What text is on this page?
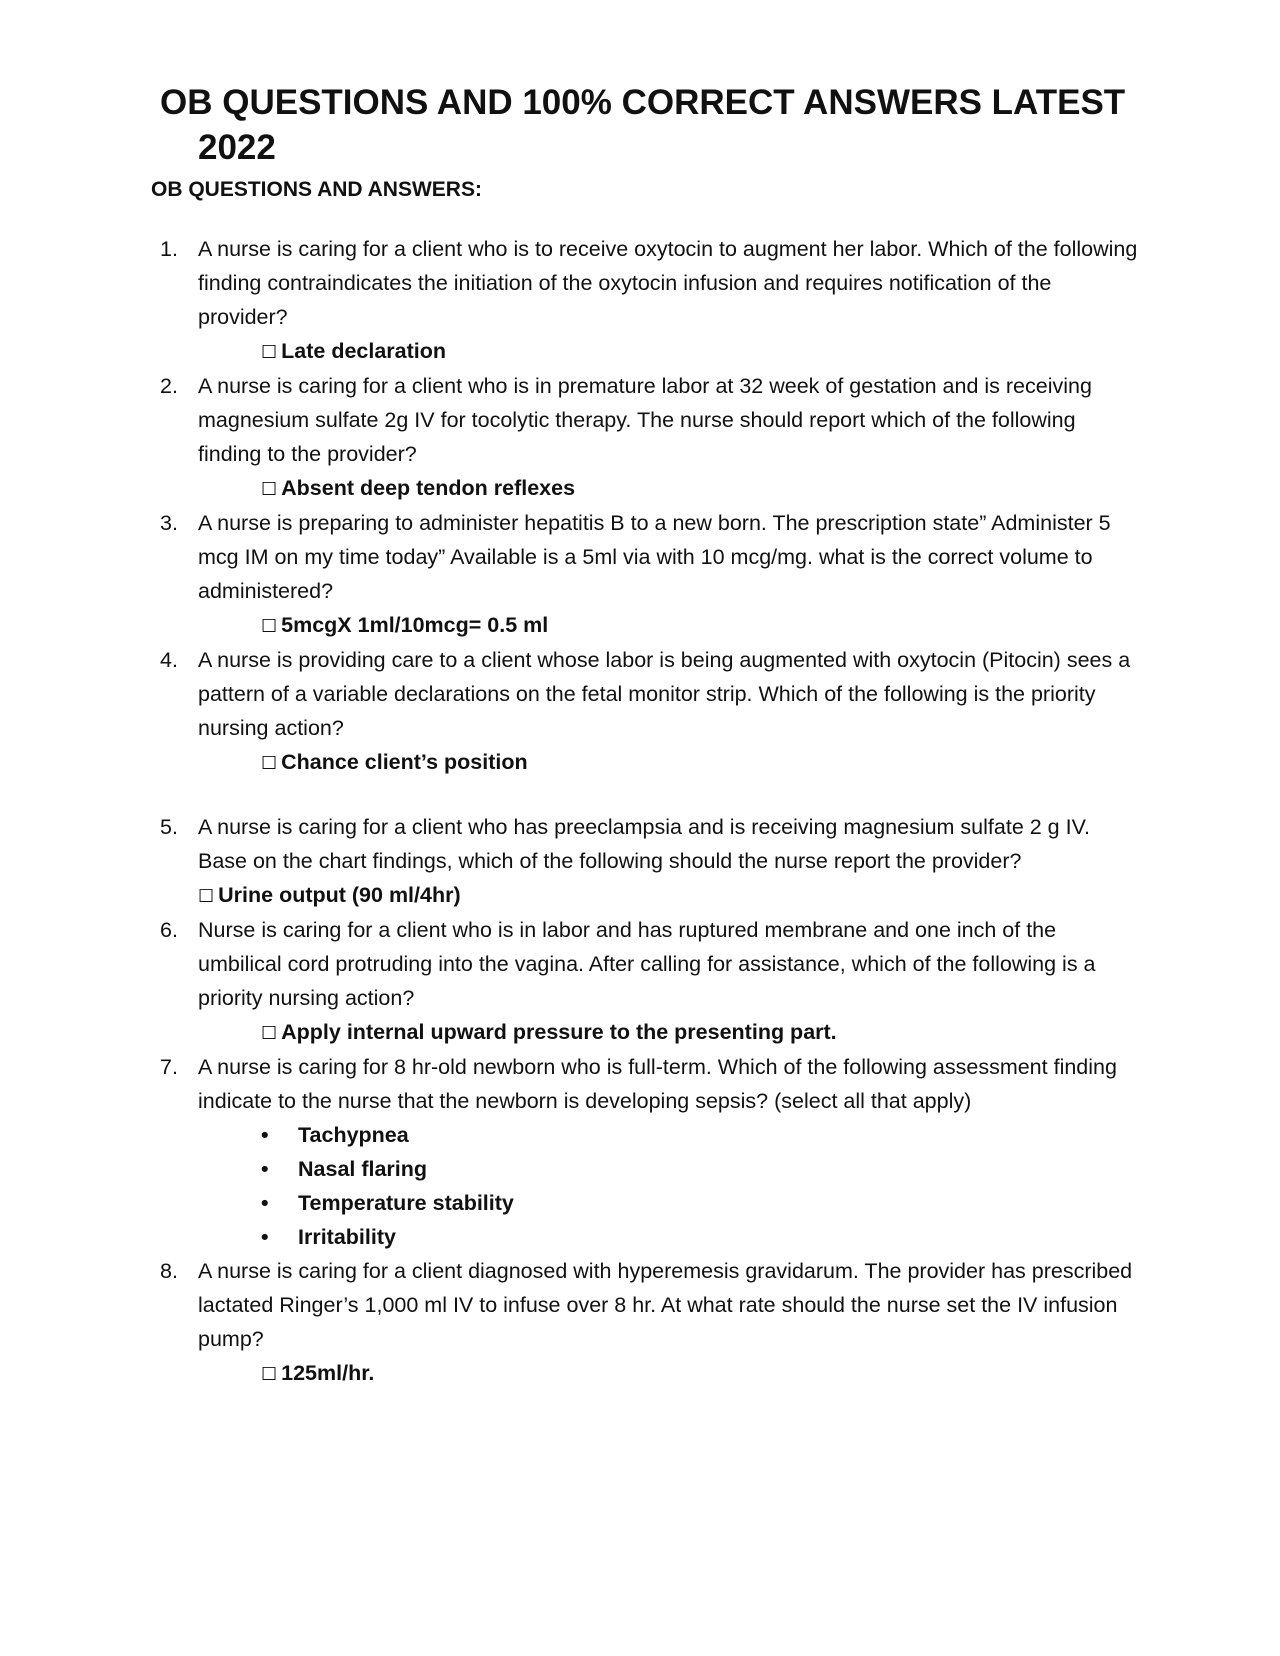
OB QUESTIONS AND 100% CORRECT ANSWERS LATEST
2022
OB QUESTIONS AND ANSWERS:
1. A nurse is caring for a client who is to receive oxytocin to augment her labor. Which of the following finding contraindicates the initiation of the oxytocin infusion and requires notification of the provider?
☐ Late declaration
2. A nurse is caring for a client who is in premature labor at 32 week of gestation and is receiving magnesium sulfate 2g IV for tocolytic therapy. The nurse should report which of the following finding to the provider?
☐ Absent deep tendon reflexes
3. A nurse is preparing to administer hepatitis B to a new born. The prescription state” Administer 5 mcg IM on my time today” Available is a 5ml via with 10 mcg/mg. what is the correct volume to administered?
☐ 5mcgX 1ml/10mcg= 0.5 ml
4. A nurse is providing care to a client whose labor is being augmented with oxytocin (Pitocin) sees a pattern of a variable declarations on the fetal monitor strip. Which of the following is the priority nursing action?
☐ Chance client’s position
5. A nurse is caring for a client who has preeclampsia and is receiving magnesium sulfate 2 g IV. Base on the chart findings, which of the following should the nurse report the provider?
☐ Urine output (90 ml/4hr)
6. Nurse is caring for a client who is in labor and has ruptured membrane and one inch of the umbilical cord protruding into the vagina. After calling for assistance, which of the following is a priority nursing action?
☐ Apply internal upward pressure to the presenting part.
7. A nurse is caring for 8 hr-old newborn who is full-term. Which of the following assessment finding indicate to the nurse that the newborn is developing sepsis? (select all that apply)
• Tachypnea
• Nasal flaring
• Temperature stability
• Irritability
8. A nurse is caring for a client diagnosed with hyperemesis gravidarum. The provider has prescribed lactated Ringer’s 1,000 ml IV to infuse over 8 hr. At what rate should the nurse set the IV infusion pump?
☐ 125ml/hr.
